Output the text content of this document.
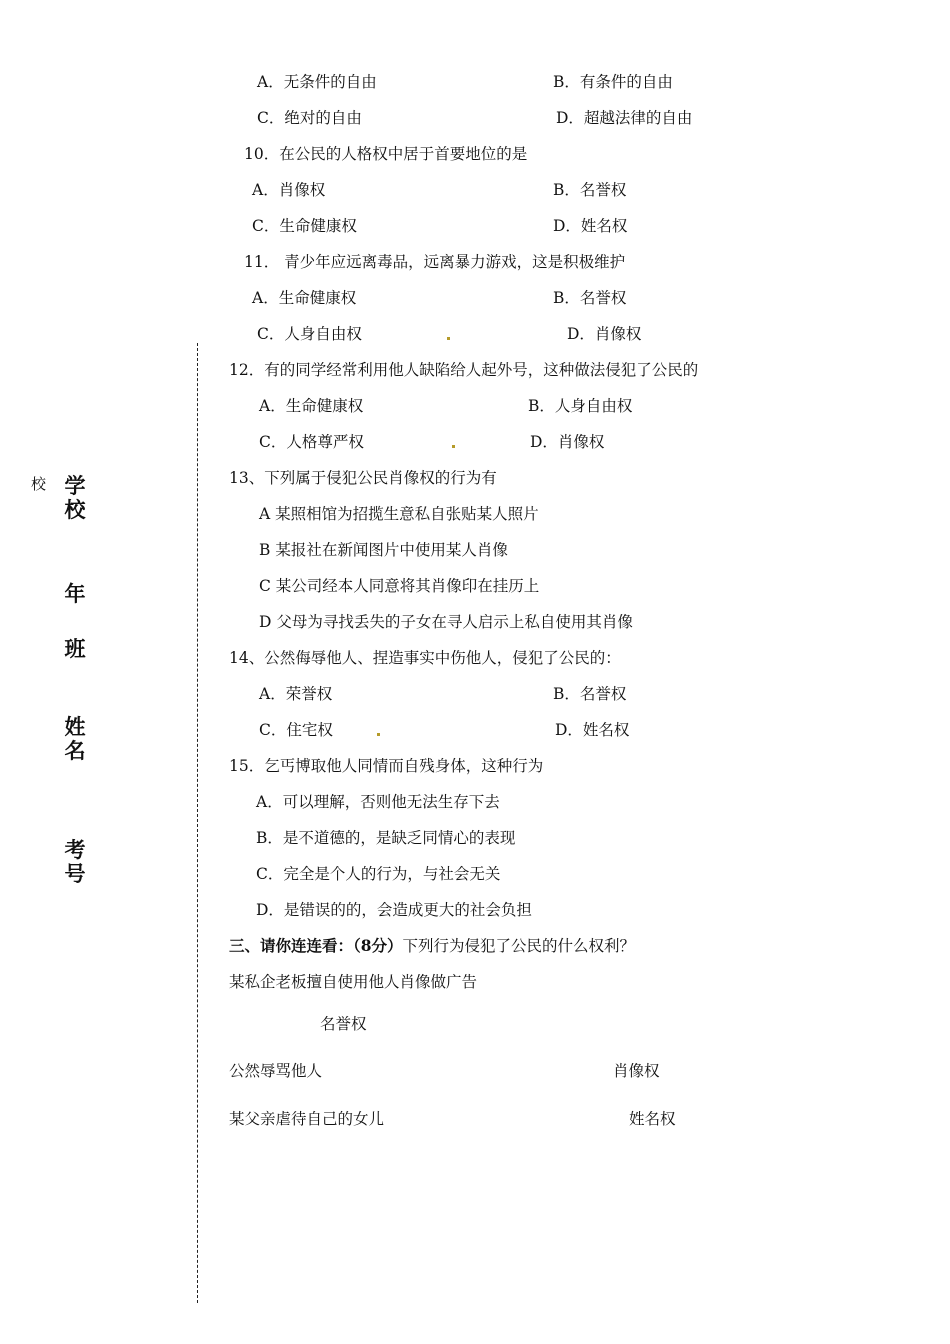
校 学
校
年
班
姓
名
考
号
A．无条件的自由	B．有条件的自由
C．绝对的自由	D．超越法律的自由
10．在公民的人格权中居于首要地位的是
A．肖像权	B．名誉权
C．生命健康权	D．姓名权
11． 青少年应远离毒品，远离暴力游戏，这是积极维护
A．生命健康权	B．名誉权
C．人身自由权	D．肖像权
12．有的同学经常利用他人缺陷给人起外号，这种做法侵犯了公民的
A．生命健康权	B．人身自由权
C．人格尊严权	D．肖像权
13、下列属于侵犯公民肖像权的行为有
A 某照相馆为招揽生意私自张贴某人照片
B 某报社在新闻图片中使用某人肖像
C 某公司经本人同意将其肖像印在挂历上
D 父母为寻找丢失的子女在寻人启示上私自使用其肖像
14、公然侮辱他人、捏造事实中伤他人，侵犯了公民的：
A．荣誉权	B．名誉权
C．住宅权	D．姓名权
15．乞丐博取他人同情而自残身体，这种行为
A．可以理解，否则他无法生存下去
B．是不道德的，是缺乏同情心的表现
C．完全是个人的行为，与社会无关
D．是错误的的，会造成更大的社会负担
三、请你连连看：（8分）下列行为侵犯了公民的什么权利？
某私企老板擅自使用他人肖像做广告
名誉权
公然辱骂他人	肖像权
某父亲虐待自己的女儿	姓名权
